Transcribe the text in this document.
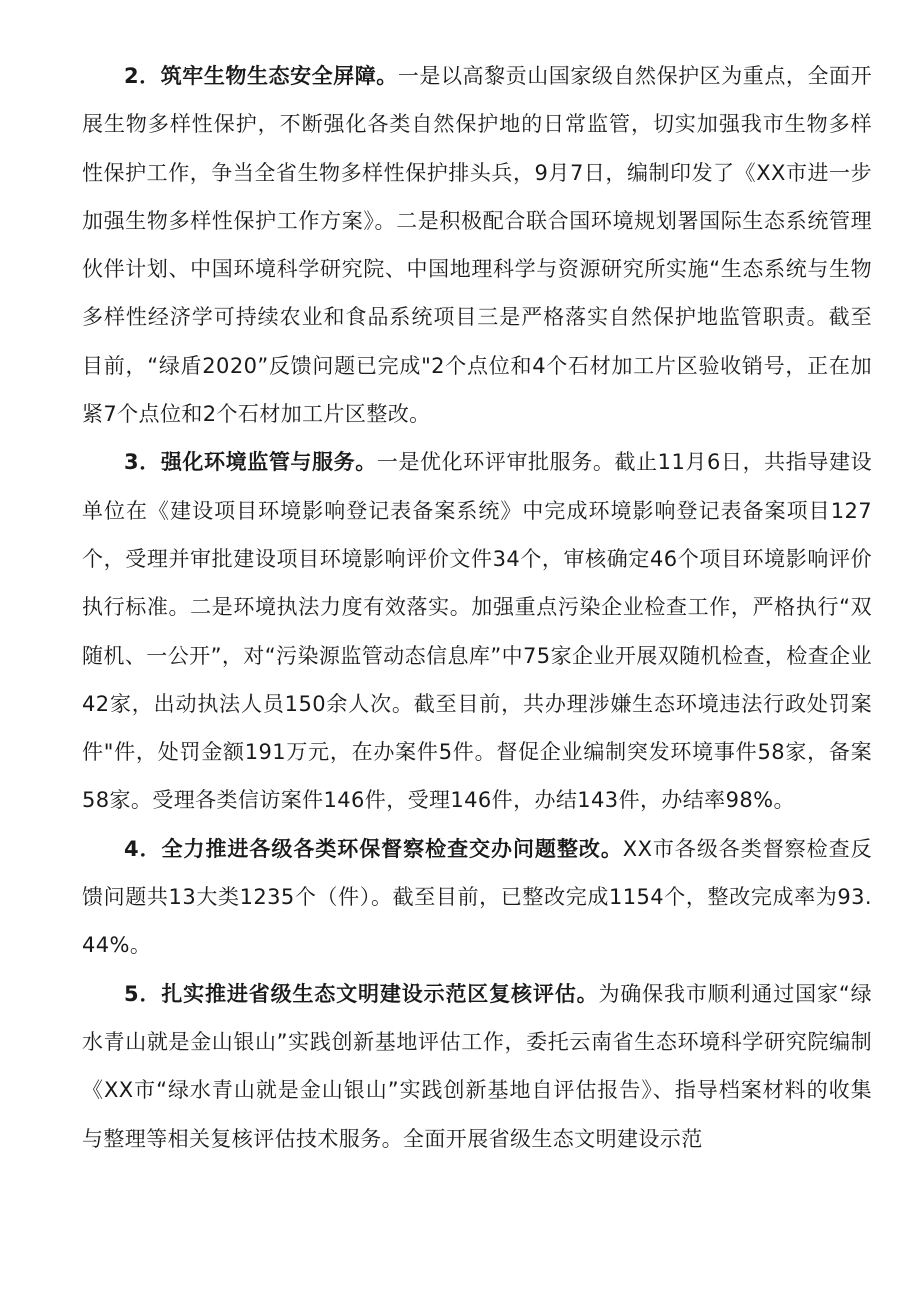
2．筑牢生物生态安全屏障。一是以高黎贡山国家级自然保护区为重点，全面开展生物多样性保护，不断强化各类自然保护地的日常监管，切实加强我市生物多样性保护工作，争当全省生物多样性保护排头兵，9月7日，编制印发了《XX市进一步加强生物多样性保护工作方案》。二是积极配合联合国环境规划署国际生态系统管理伙伴计划、中国环境科学研究院、中国地理科学与资源研究所实施“生态系统与生物多样性经济学可持续农业和食品系统项目三是严格落实自然保护地监管职责。截至目前，“绿盾2020”反馈问题已完成"2个点位和4个石材加工片区验收销号，正在加紧7个点位和2个石材加工片区整改。

3．强化环境监管与服务。一是优化环评审批服务。截止11月6日，共指导建设单位在《建设项目环境影响登记表备案系统》中完成环境影响登记表备案项目127个，受理并审批建设项目环境影响评价文件34个，审核确定46个项目环境影响评价执行标准。二是环境执法力度有效落实。加强重点污染企业检查工作，严格执行“双随机、一公开”，对“污染源监管动态信息库”中75家企业开展双随机检查，检查企业42家，出动执法人员150余人次。截至目前，共办理涉嫌生态环境违法行政处罚案件"件，处罚金额191万元，在办案件5件。督促企业编制突发环境事件58家，备案58家。受理各类信访案件146件，受理146件，办结143件，办结率98%。

4．全力推进各级各类环保督察检查交办问题整改。XX市各级各类督察检查反馈问题共13大类1235个（件）。截至目前，已整改完成1154个，整改完成率为93.44%。

5．扎实推进省级生态文明建设示范区复核评估。为确保我市顺利通过国家“绿水青山就是金山银山”实践创新基地评估工作，委托云南省生态环境科学研究院编制《XX市“绿水青山就是金山银山”实践创新基地自评估报告》、指导档案材料的收集与整理等相关复核评估技术服务。全面开展省级生态文明建设示范
